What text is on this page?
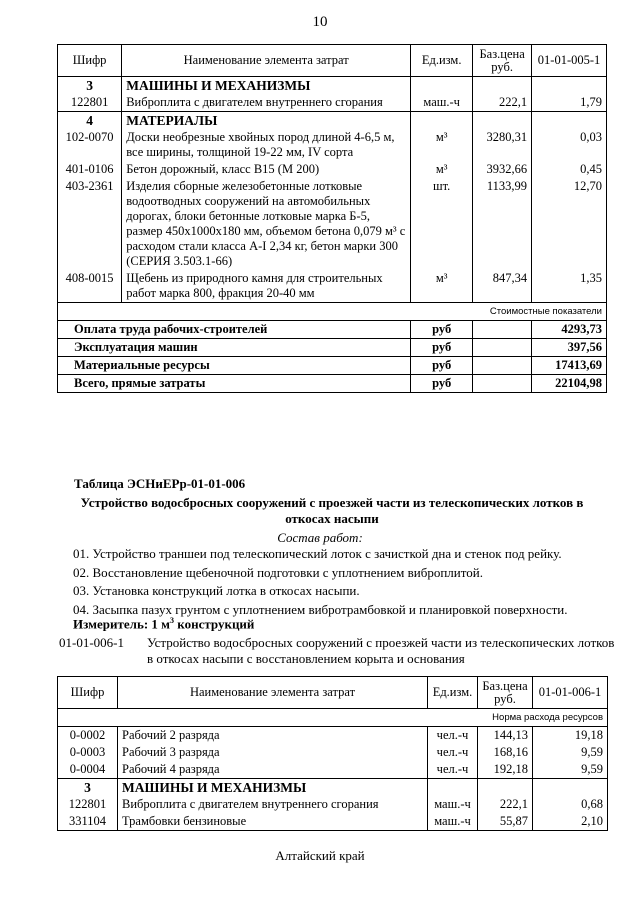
10
Шифр	Наименование элемента затрат	Ед.изм.	Баз.цена руб.	01-01-005-1
3	МАШИНЫ И МЕХАНИЗМЫ			
122801	Виброплита с двигателем внутреннего сгорания	маш.-ч	222,1	1,79
4	МАТЕРИАЛЫ			
102-0070	Доски необрезные хвойных пород длиной 4-6,5 м, все ширины, толщиной 19-22 мм, IV сорта	м³	3280,31	0,03
401-0106	Бетон дорожный, класс В15 (М 200)	м³	3932,66	0,45
403-2361	Изделия сборные железобетонные лотковые водоотводных сооружений на автомобильных дорогах, блоки бетонные лотковые марка Б-5, размер 450х1000х180 мм, объемом бетона 0,079 м³ с расходом стали класса А-I 2,34 кг, бетон марки 300 (СЕРИЯ 3.503.1-66)	шт.	1133,99	12,70
408-0015	Щебень из природного камня для строительных работ марка 800, фракция 20-40 мм	м³	847,34	1,35
Стоимостные показатели				
Оплата труда рабочих-строителей		руб		4293,73
Эксплуатация машин		руб		397,56
Материальные ресурсы		руб		17413,69
Всего, прямые затраты		руб		22104,98
Таблица ЭСНиЕРр-01-01-006
Устройство водосбросных сооружений с проезжей части из телескопических лотков в откосах насыпи
Состав работ:
01. Устройство траншеи под телескопический лоток с зачисткой дна и стенок под рейку.
02. Восстановление щебеночной подготовки с уплотнением виброплитой.
03. Установка конструкций лотка в откосах насыпи.
04. Засыпка пазух грунтом с уплотнением вибротрамбовкой и планировкой поверхности.
Измеритель: 1 $м^3$ конструкций
01-01-006-1 Устройство водосбросных сооружений с проезжей части из телескопических лотков в откосах насыпи с восстановлением корыта и основания
Шифр	Наименование элемента затрат	Ед.изм.	Баз.цена руб.	01-01-006-1
Норма расхода ресурсов				
0-0002	Рабочий 2 разряда	чел.-ч	144,13	19,18
0-0003	Рабочий 3 разряда	чел.-ч	168,16	9,59
0-0004	Рабочий 4 разряда	чел.-ч	192,18	9,59
3	МАШИНЫ И МЕХАНИЗМЫ			
122801	Виброплита с двигателем внутреннего сгорания	маш.-ч	222,1	0,68
331104	Трамбовки бензиновые	маш.-ч	55,87	2,10
Алтайский край
